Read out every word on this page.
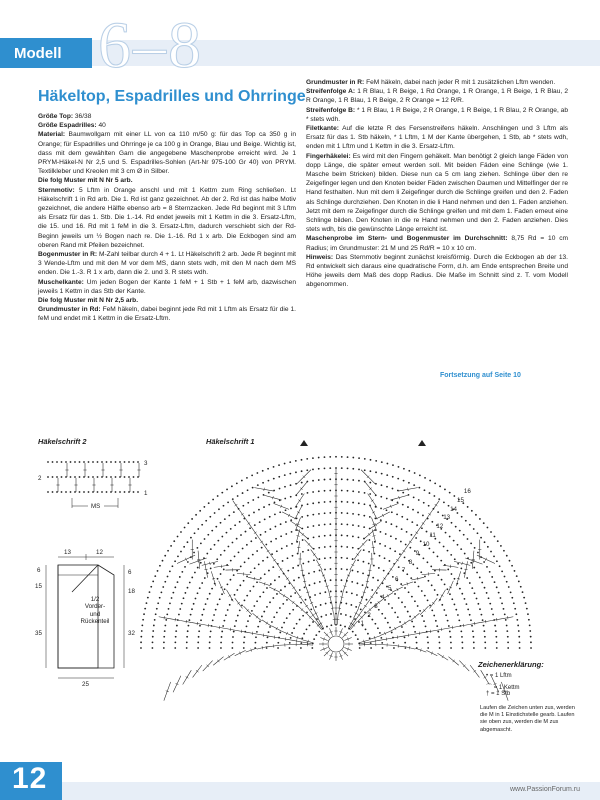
Modell 6–8
Häkeltop, Espadrilles und Ohrringe

Größe Top: 36/38

Größe Espadrilles: 40

Material: Baumwollgarn mit einer LL von ca 110 m/50 g: für das Top ca 350 g in Orange; für Espadrilles und Ohrringe je ca 100 g in Orange, Blau und Beige. Wichtig ist, dass mit dem gewählten Garn die angegebene Maschenprobe erreicht wird. Je 1 PRYM-Häkel-N Nr 2,5 und 5. Espadrilles-Sohlen (Art-Nr 975-100 Gr 40) von PRYM. Textilkleber und Kreolen mit 3 cm Ø in Silber.

Die folg Muster mit N Nr 5 arb.

Sternmotiv: 5 Lftm in Orange anschl und mit 1 Kettm zum Ring schließen. Lt Häkelschrift 1 in Rd arb. Die 1. Rd ist ganz gezeichnet. Ab der 2. Rd ist das halbe Motiv gezeichnet, die andere Hälfte ebenso arb = 8 Sternzacken. Jede Rd beginnt mit 3 Lftm als Ersatz für das 1. Stb. Die 1.-14. Rd endet jeweils mit 1 Kettm in die 3. Ersatz-Lftm, die 15. und 16. Rd mit 1 feM in die 3. Ersatz-Lftm, dadurch verschiebt sich der Rd-Beginn jeweils um ½ Bogen nach re. Die 1.-16. Rd 1 x arb. Die Eckbogen sind am oberen Rand mit Pfeilen bezeichnet.

Bogenmuster in R: M-Zahl teilbar durch 4 + 1. Lt Häkelschrift 2 arb. Jede R beginnt mit 3 Wende-Lftm und mit den M vor dem MS, dann stets wdh, mit den M nach dem MS enden. Die 1.-3. R 1 x arb, dann die 2. und 3. R stets wdh.

Muschelkante: Um jeden Bogen der Kante 1 feM + 1 Stb + 1 feM arb, dazwischen jeweils 1 Kettm in das Stb der Kante.

Die folg Muster mit N Nr 2,5 arb.

Grundmuster in Rd: FeM häkeln, dabei beginnt jede Rd mit 1 Lftm als Ersatz für die 1. feM und endet mit 1 Kettm in die Ersatz-Lftm.

Grundmuster in R: FeM häkeln, dabei nach jeder R mit 1 zusätzlichen Lftm wenden.

Streifenfolge A: 1 R Blau, 1 R Beige, 1 Rd Orange, 1 R Orange, 1 R Beige, 1 R Blau, 2 R Orange, 1 R Blau, 1 R Beige, 2 R Orange = 12 R/R.

Streifenfolge B: * 1 R Blau, 1 R Beige, 2 R Orange, 1 R Beige, 1 R Blau, 2 R Orange, ab * stets wdh.

Filetkante: Auf die letzte R des Fersenstreifens häkeln. Anschlingen und 3 Lftm als Ersatz für das 1. Stb häkeln, * 1 Lftm, 1 M der Kante übergehen, 1 Stb, ab * stets wdh, enden mit 1 Lftm und 1 Kettm in die 3. Ersatz-Lftm.

Fingerhäkelei: Es wird mit den Fingern gehäkelt. Man benötigt 2 gleich lange Fäden von dopp Länge, die später erneut werden soll. Mit beiden Fäden eine Schlinge (wie 1. Masche beim Stricken) bilden. Diese nun ca 5 cm lang ziehen. Schlinge über den re Zeigefinger legen und den Knoten beider Fäden zwischen Daumen und Mittelfinger der re Hand festhalten. Nun mit dem li Zeigefinger durch die Schlinge greifen und den 2. Faden als Schlinge durchziehen. Den Knoten in die li Hand nehmen und den 1. Faden anziehen. Jetzt mit dem re Zeigefinger durch die Schlinge greifen und mit dem 1. Faden erneut eine Schlinge bilden. Den Knoten in die re Hand nehmen und den 2. Faden anziehen. Dies stets wdh, bis die gewünschte Länge erreicht ist.

Maschenprobe im Stern- und Bogenmuster im Durchschnitt: 8,75 Rd = 10 cm Radius; im Grundmuster: 21 M und 25 Rd/R = 10 x 10 cm.

Hinweis: Das Sternmotiv beginnt zunächst kreisförmig. Durch die Eckbogen ab der 13. Rd entwickelt sich daraus eine quadratische Form, d.h. am Ende entsprechen Breite und Höhe jeweils dem Maß des dopp Radius. Die Maße im Schnitt sind z. T. vom Modell abgenommen.

Fortsetzung auf Seite 10
Häkelschrift 2	Häkelschrift 1
13	12
6
15
35
6
18
32
25
1/2
Vorder-
und
Rückenteil
3
2
1
MS
16
15
14
13
12
11
10
9
8
7
6
5
4
3
2
1
Zeichenerklärung:
• = 1 Lftm
⌒ = 1 Kettm
† = 1 Stb
Laufen die Zeichen unten zus, werden die M in 1 Einstichstelle gearb. Laufen sie oben zus, werden die M zus abgemascht.
12	www.PassionForum.ru
